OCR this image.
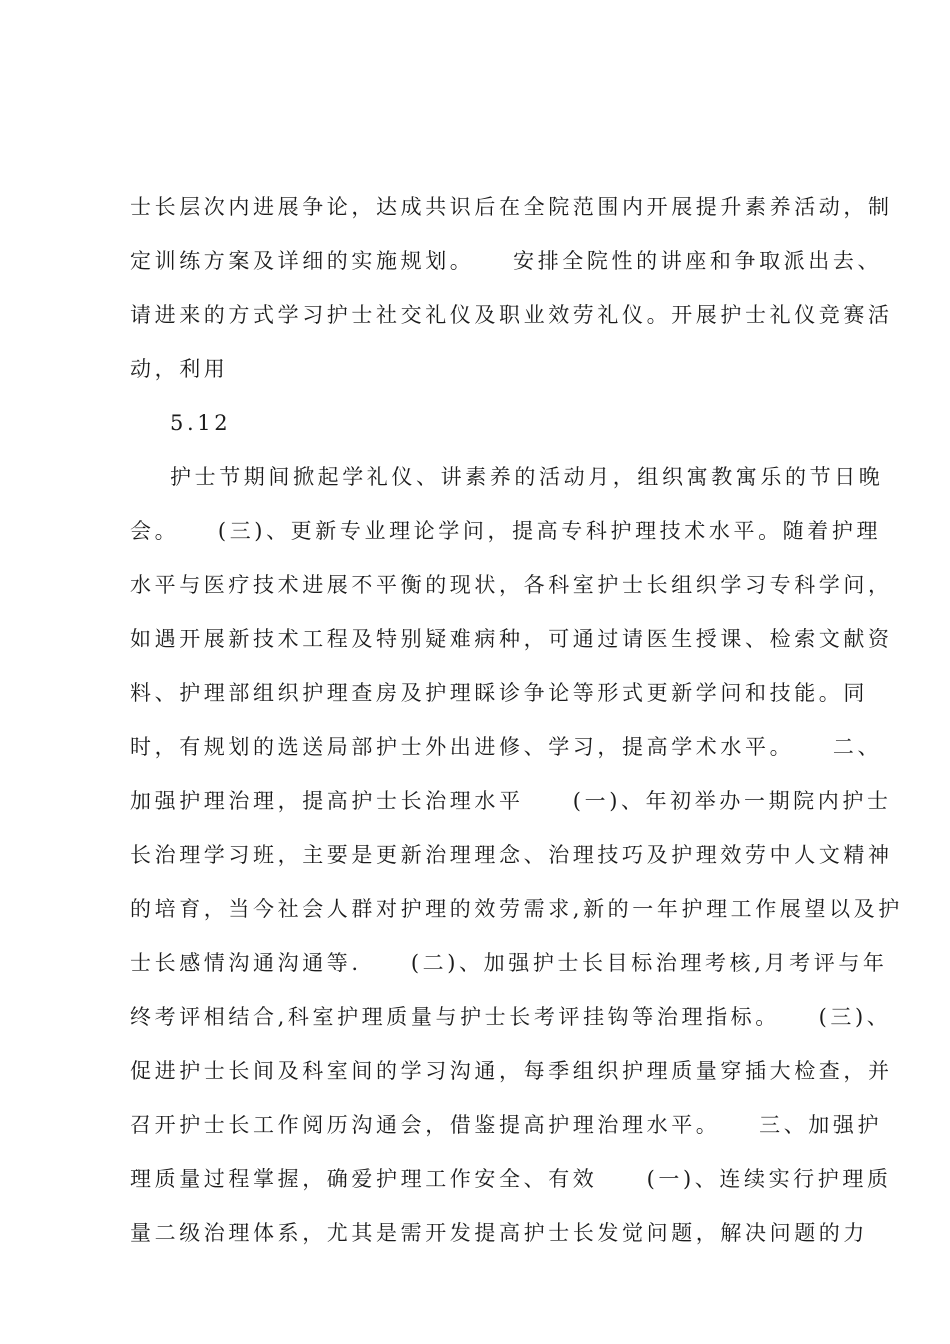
士长层次内进展争论，达成共识后在全院范围内开展提升素养活动，制
定训练方案及详细的实施规划。　　安排全院性的讲座和争取派出去、
请进来的方式学习护士社交礼仪及职业效劳礼仪。开展护士礼仪竞赛活
动，利用
5.12
护士节期间掀起学礼仪、讲素养的活动月，组织寓教寓乐的节日晚
会。　　(三)、更新专业理论学问，提高专科护理技术水平。随着护理
水平与医疗技术进展不平衡的现状，各科室护士长组织学习专科学问，
如遇开展新技术工程及特别疑难病种，可通过请医生授课、检索文献资
料、护理部组织护理查房及护理睬诊争论等形式更新学问和技能。同
时，有规划的选送局部护士外出进修、学习，提高学术水平。　　二、
加强护理治理，提高护士长治理水平　　(一)、年初举办一期院内护士
长治理学习班，主要是更新治理理念、治理技巧及护理效劳中人文精神
的培育，当今社会人群对护理的效劳需求,新的一年护理工作展望以及护
士长感情沟通沟通等.　　(二)、加强护士长目标治理考核,月考评与年
终考评相结合,科室护理质量与护士长考评挂钩等治理指标。　　(三)、
促进护士长间及科室间的学习沟通，每季组织护理质量穿插大检查，并
召开护士长工作阅历沟通会，借鉴提高护理治理水平。　　三、加强护
理质量过程掌握，确爱护理工作安全、有效　　(一)、连续实行护理质
量二级治理体系，尤其是需开发提高护士长发觉问题，解决问题的力
